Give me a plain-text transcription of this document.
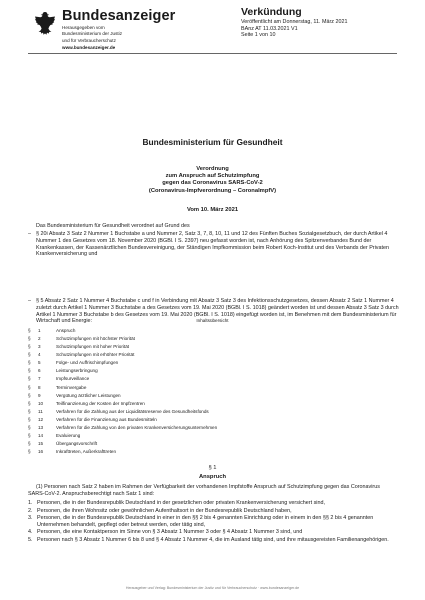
Bundesanzeiger
Herausgegeben vom
Bundesministerium der Justiz
und für Verbraucherschutz
www.bundesanzeiger.de
Verkündung
Veröffentlicht am Donnerstag, 11. März 2021
BAnz AT 11.03.2021 V1
Seite 1 von 10
Bundesministerium für Gesundheit
Verordnung
zum Anspruch auf Schutzimpfung
gegen das Coronavirus SARS-CoV-2
(Coronavirus-Impfverordnung – CoronaImpfV)
Vom 10. März 2021
Das Bundesministerium für Gesundheit verordnet auf Grund des
– § 20i Absatz 3 Satz 2 Nummer 1 Buchstabe a und Nummer 2, Satz 3, 7, 8, 10, 11 und 12 des Fünften Buches Sozialgesetzbuch, der durch Artikel 4 Nummer 1 des Gesetzes vom 18. November 2020 (BGBl. I S. 2397) neu gefasst worden ist, nach Anhörung des Spitzenverbandes Bund der Krankenkassen, der Kassenärztlichen Bundesvereinigung, der Ständigen Impfkommission beim Robert Koch-Institut und des Verbands der Privaten Krankenversicherung und
– § 5 Absatz 2 Satz 1 Nummer 4 Buchstabe c und f in Verbindung mit Absatz 3 Satz 3 des Infektionsschutzgesetzes, dessen Absatz 2 Satz 1 Nummer 4 zuletzt durch Artikel 1 Nummer 3 Buchstabe a des Gesetzes vom 19. Mai 2020 (BGBl. I S. 1018) geändert worden ist und dessen Absatz 3 Satz 3 durch Artikel 1 Nummer 3 Buchstabe b des Gesetzes vom 19. Mai 2020 (BGBl. I S. 1018) eingefügt worden ist, im Benehmen mit dem Bundesministerium für Wirtschaft und Energie:	Inhaltsübersicht
§ 1	Anspruch
§ 2	Schutzimpfungen mit höchster Priorität
§ 3	Schutzimpfungen mit hoher Priorität
§ 4	Schutzimpfungen mit erhöhter Priorität
§ 5	Folge- und Auffrischimpfungen
§ 6	Leistungserbringung
§ 7	Impfsurveillance
§ 8	Terminvergabe
§ 9	Vergütung ärztlicher Leistungen
§ 10	Teilfinanzierung der Kosten der Impfzentren
§ 11	Verfahren für die Zahlung aus der Liquiditätsreserve des Gesundheitsfonds
§ 12	Verfahren für die Finanzierung aus Bundesmitteln
§ 13	Verfahren für die Zahlung von den privaten Krankenversicherungsunternehmen
§ 14	Evaluierung
§ 15	Übergangsvorschrift
§ 16	Inkrafttreten, Außerkrafttreten
§ 1
Anspruch
(1) Personen nach Satz 2 haben im Rahmen der Verfügbarkeit der vorhandenen Impfstoffe Anspruch auf Schutzimpfung gegen das Coronavirus SARS-CoV-2. Anspruchsberechtigt nach Satz 1 sind:
1. Personen, die in der Bundesrepublik Deutschland in der gesetzlichen oder privaten Krankenversicherung versichert sind,
2. Personen, die ihren Wohnsitz oder gewöhnlichen Aufenthaltsort in der Bundesrepublik Deutschland haben,
3. Personen, die in der Bundesrepublik Deutschland in einer in den §§ 2 bis 4 genannten Einrichtung oder in einem in den §§ 2 bis 4 genannten Unternehmen behandelt, gepflegt oder betreut werden, oder tätig sind,
4. Personen, die eine Kontaktperson im Sinne von § 3 Absatz 1 Nummer 3 oder § 4 Absatz 1 Nummer 3 sind, und
5. Personen nach § 3 Absatz 1 Nummer 6 bis 8 und § 4 Absatz 1 Nummer 4, die im Ausland tätig sind, und ihre mitausgereisten Familienangehörigen.
Herausgeber und Verlag: Bundesministerium der Justiz und für Verbraucherschutz · www.bundesanzeiger.de
